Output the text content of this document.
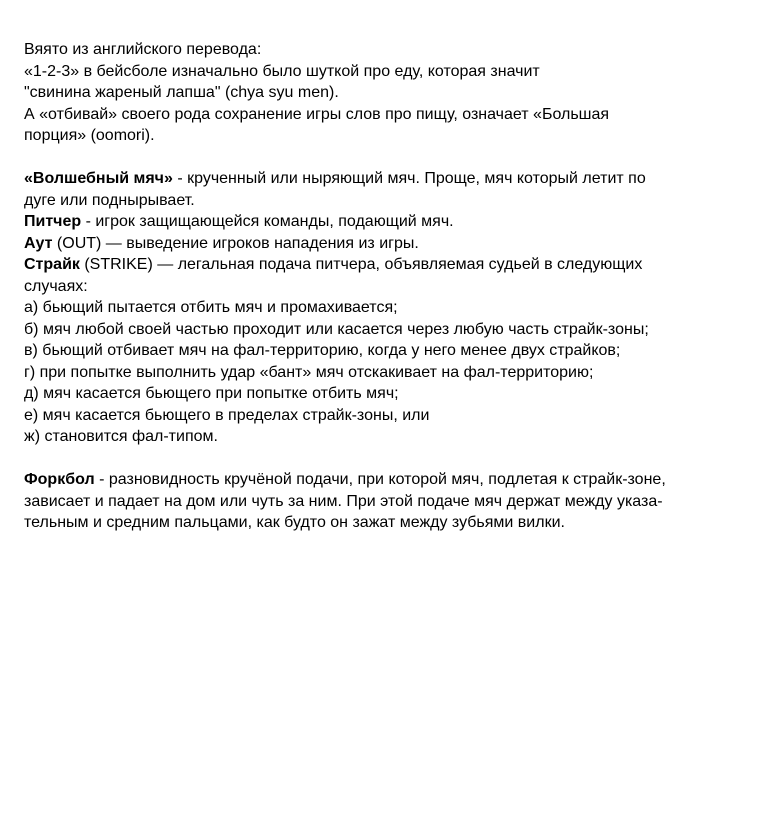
Вяято из английского перевода:
«1-2-3» в бейсболе изначально было шуткой про еду, которая значит
"свинина жареный лапша" (chya syu men).
А «отбивай» своего рода сохранение игры слов про пищу, означает «Большая
порция» (oomori).
«Волшебный мяч» - крученный или ныряющий мяч. Проще, мяч который летит по
дуге или поднырывает.
Питчер - игрок защищающейся команды, подающий мяч.
Аут (OUT) — выведение игроков нападения из игры.
Страйк (STRIKE) — легальная подача питчера, объявляемая судьей в следующих
случаях:
а) бьющий пытается отбить мяч и промахивается;
б) мяч любой своей частью проходит или касается через любую часть страйк-зоны;
в) бьющий отбивает мяч на фал-территорию, когда у него менее двух страйков;
г) при попытке выполнить удар «бант» мяч отскакивает на фал-территорию;
д) мяч касается бьющего при попытке отбить мяч;
е) мяч касается бьющего в пределах страйк-зоны, или
ж) становится фал-типом.
Форкбол - разновидность кручёной подачи, при которой мяч, подлетая к страйк-зоне,
зависает и падает на дом или чуть за ним. При этой подаче мяч держат между указа-
тельным и средним пальцами, как будто он зажат между зубьями вилки.
